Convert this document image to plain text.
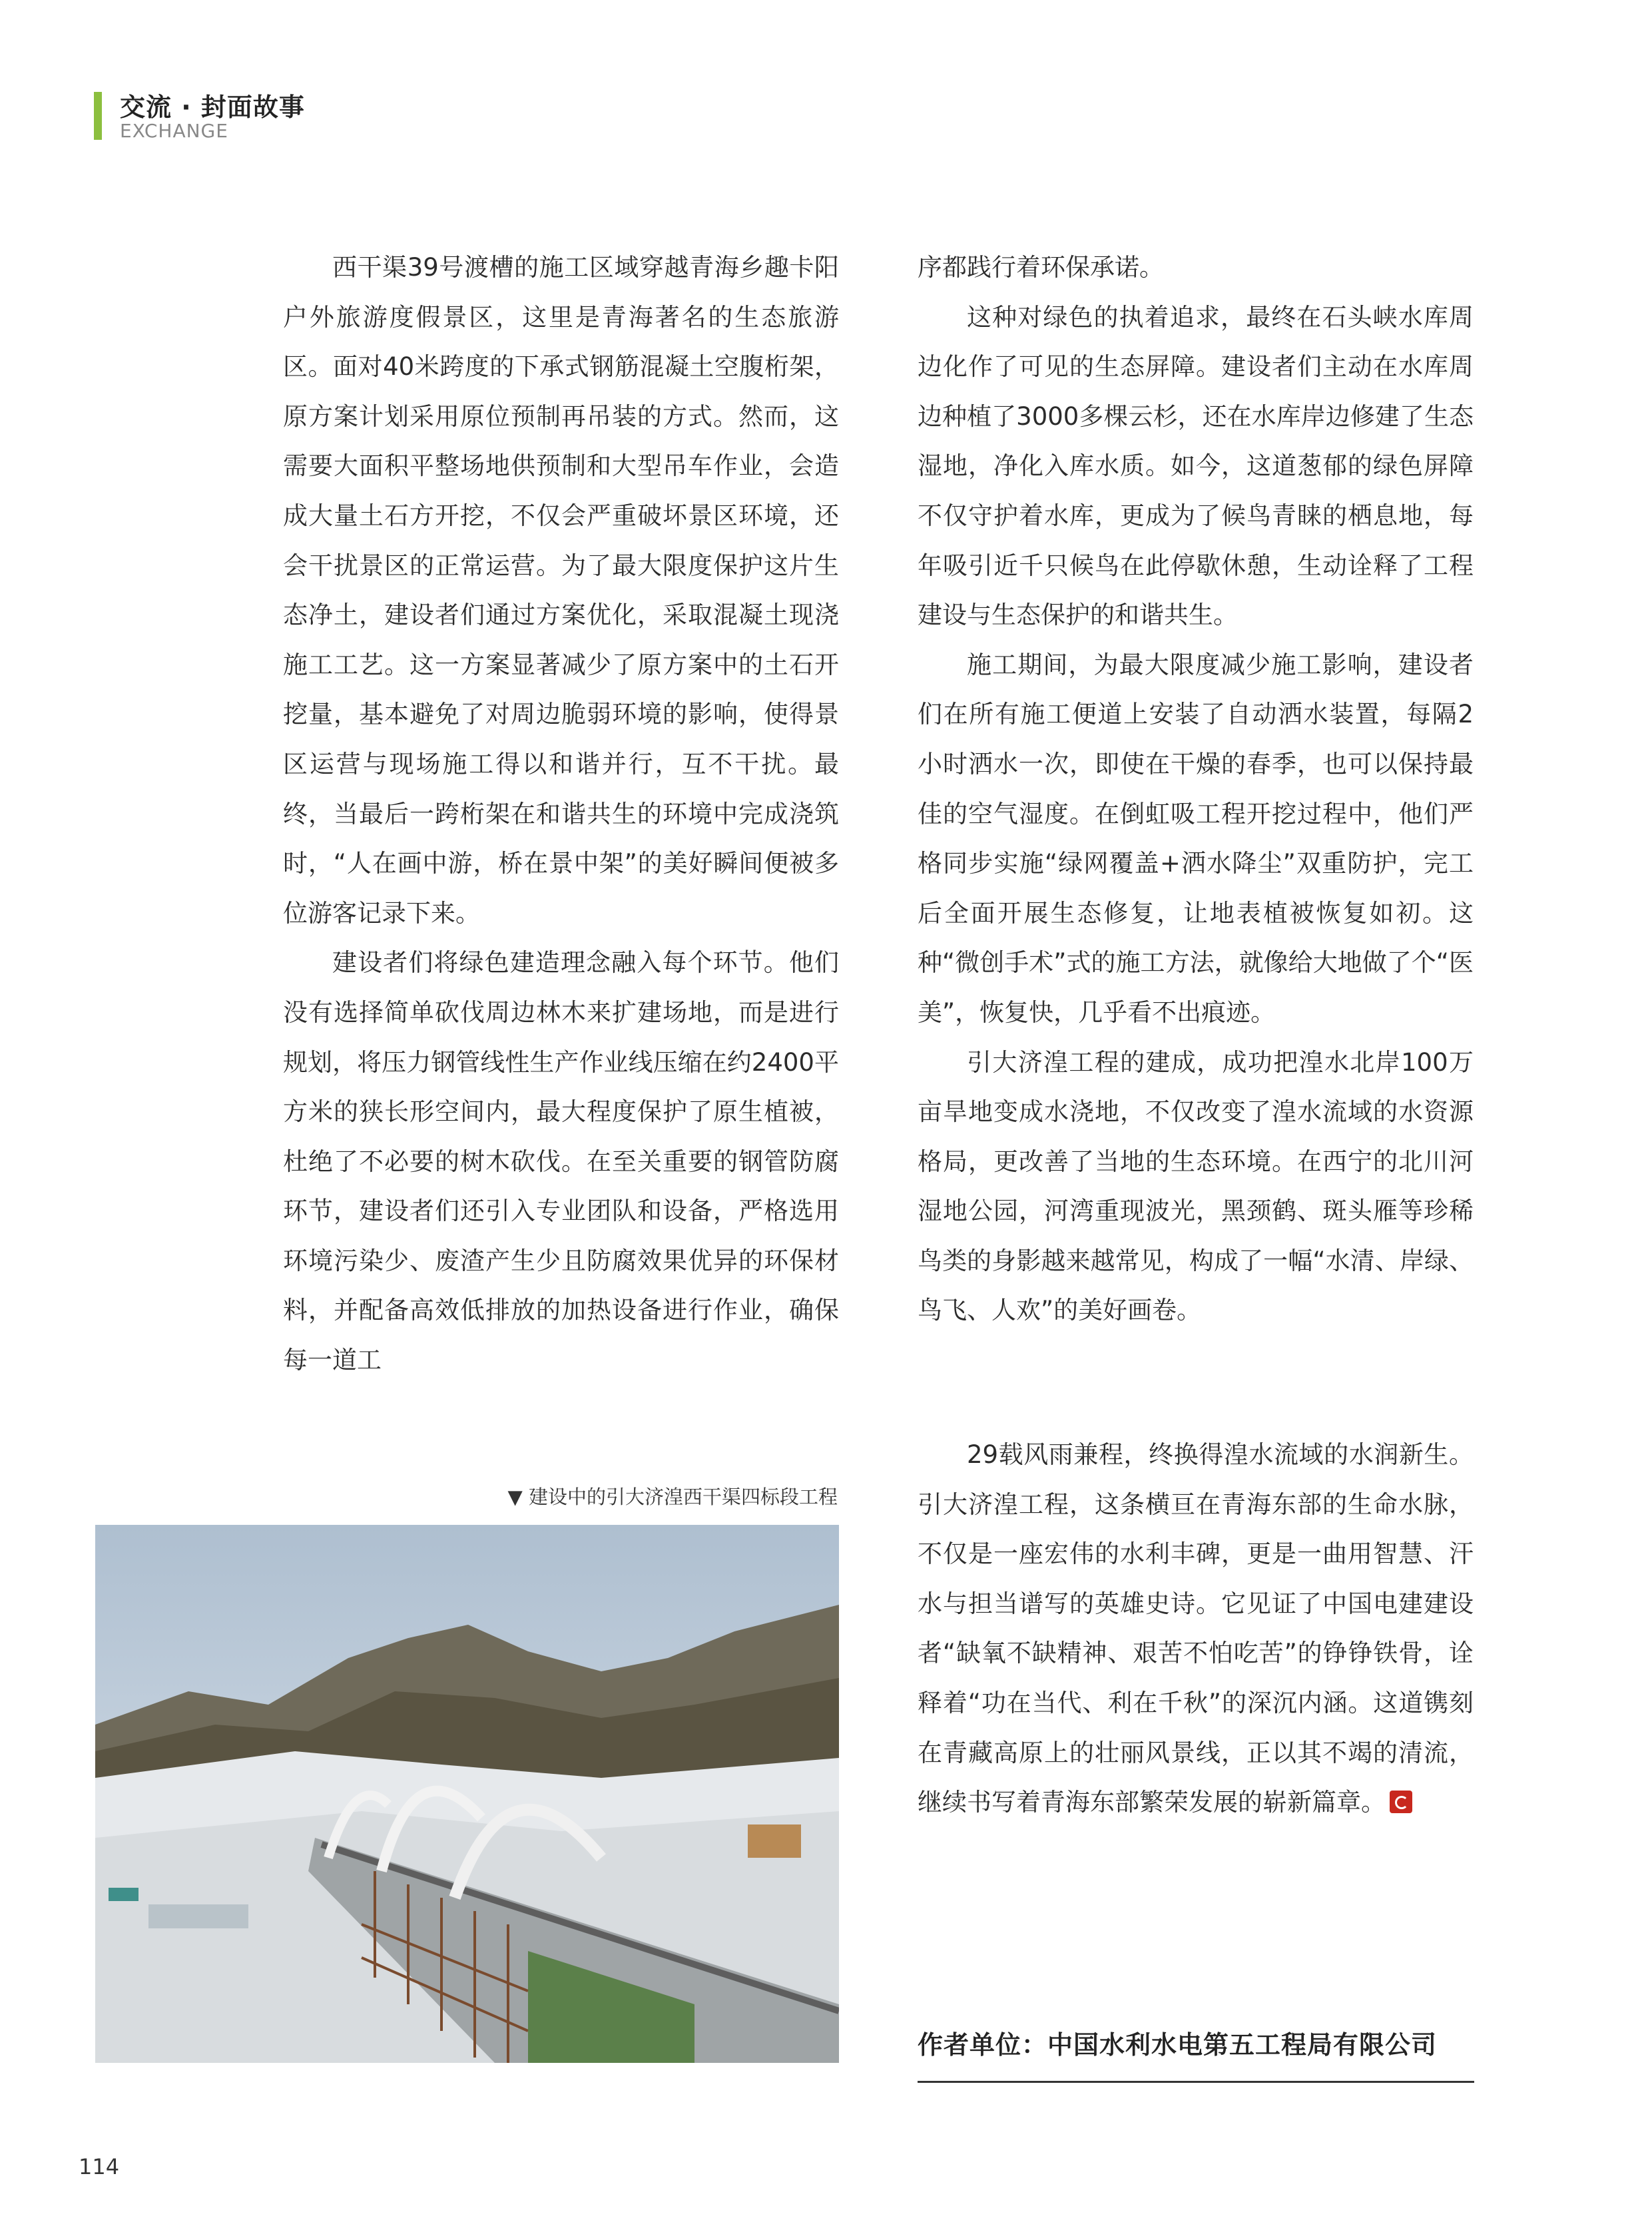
交流 · 封面故事
EXCHANGE

西干渠39号渡槽的施工区域穿越青海乡趣卡阳户外旅游度假景区，这里是青海著名的生态旅游区。面对40米跨度的下承式钢筋混凝土空腹桁架，原方案计划采用原位预制再吊装的方式。然而，这需要大面积平整场地供预制和大型吊车作业，会造成大量土石方开挖，不仅会严重破坏景区环境，还会干扰景区的正常运营。为了最大限度保护这片生态净土，建设者们通过方案优化，采取混凝土现浇施工工艺。这一方案显著减少了原方案中的土石开挖量，基本避免了对周边脆弱环境的影响，使得景区运营与现场施工得以和谐并行，互不干扰。最终，当最后一跨桁架在和谐共生的环境中完成浇筑时，“人在画中游，桥在景中架”的美好瞬间便被多位游客记录下来。

建设者们将绿色建造理念融入每个环节。他们没有选择简单砍伐周边林木来扩建场地，而是进行规划，将压力钢管线性生产作业线压缩在约2400平方米的狭长形空间内，最大程度保护了原生植被，杜绝了不必要的树木砍伐。在至关重要的钢管防腐环节，建设者们还引入专业团队和设备，严格选用环境污染少、废渣产生少且防腐效果优异的环保材料，并配备高效低排放的加热设备进行作业，确保每一道工

序都践行着环保承诺。

这种对绿色的执着追求，最终在石头峡水库周边化作了可见的生态屏障。建设者们主动在水库周边种植了3000多棵云杉，还在水库岸边修建了生态湿地，净化入库水质。如今，这道葱郁的绿色屏障不仅守护着水库，更成为了候鸟青睐的栖息地，每年吸引近千只候鸟在此停歇休憩，生动诠释了工程建设与生态保护的和谐共生。

施工期间，为最大限度减少施工影响，建设者们在所有施工便道上安装了自动洒水装置，每隔2小时洒水一次，即使在干燥的春季，也可以保持最佳的空气湿度。在倒虹吸工程开挖过程中，他们严格同步实施“绿网覆盖+洒水降尘”双重防护，完工后全面开展生态修复，让地表植被恢复如初。这种“微创手术”式的施工方法，就像给大地做了个“医美”，恢复快，几乎看不出痕迹。

引大济湟工程的建成，成功把湟水北岸100万亩旱地变成水浇地，不仅改变了湟水流域的水资源格局，更改善了当地的生态环境。在西宁的北川河湿地公园，河湾重现波光，黑颈鹤、斑头雁等珍稀鸟类的身影越来越常见，构成了一幅“水清、岸绿、鸟飞、人欢”的美好画卷。

29载风雨兼程，终换得湟水流域的水润新生。引大济湟工程，这条横亘在青海东部的生命水脉，不仅是一座宏伟的水利丰碑，更是一曲用智慧、汗水与担当谱写的英雄史诗。它见证了中国电建建设者“缺氧不缺精神、艰苦不怕吃苦”的铮铮铁骨，诠释着“功在当代、利在千秋”的深沉内涵。这道镌刻在青藏高原上的壮丽风景线，正以其不竭的清流，继续书写着青海东部繁荣发展的崭新篇章。

▼ 建设中的引大济湟西干渠四标段工程
作者单位：中国水利水电第五工程局有限公司
114
